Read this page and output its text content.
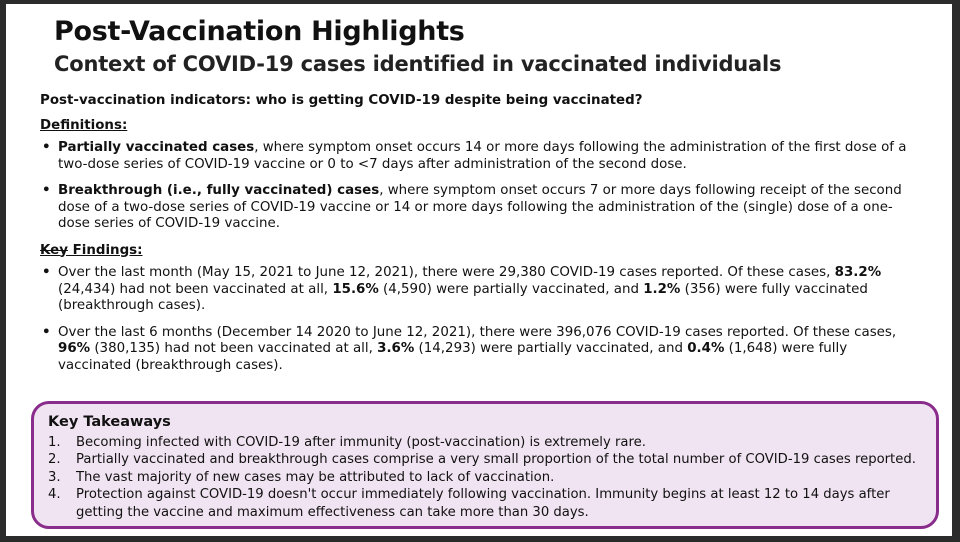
Post-Vaccination Highlights
Context of COVID-19 cases identified in vaccinated individuals

Post-vaccination indicators: who is getting COVID-19 despite being vaccinated?

Definitions:

• Partially vaccinated cases, where symptom onset occurs 14 or more days following the administration of the first dose of a two-dose series of COVID-19 vaccine or 0 to <7 days after administration of the second dose.
• Breakthrough (i.e., fully vaccinated) cases, where symptom onset occurs 7 or more days following receipt of the second dose of a two-dose series of COVID-19 vaccine or 14 or more days following the administration of the (single) dose of a one-dose series of COVID-19 vaccine.

Key Findings:

• Over the last month (May 15, 2021 to June 12, 2021), there were 29,380 COVID-19 cases reported. Of these cases, 83.2% (24,434) had not been vaccinated at all, 15.6% (4,590) were partially vaccinated, and 1.2% (356) were fully vaccinated (breakthrough cases).
• Over the last 6 months (December 14 2020 to June 12, 2021), there were 396,076 COVID-19 cases reported. Of these cases, 96% (380,135) had not been vaccinated at all, 3.6% (14,293) were partially vaccinated, and 0.4% (1,648) were fully vaccinated (breakthrough cases).
Key Takeaways
1. Becoming infected with COVID-19 after immunity (post-vaccination) is extremely rare.
2. Partially vaccinated and breakthrough cases comprise a very small proportion of the total number of COVID-19 cases reported.
3. The vast majority of new cases may be attributed to lack of vaccination.
4. Protection against COVID-19 doesn't occur immediately following vaccination. Immunity begins at least 12 to 14 days after getting the vaccine and maximum effectiveness can take more than 30 days.
